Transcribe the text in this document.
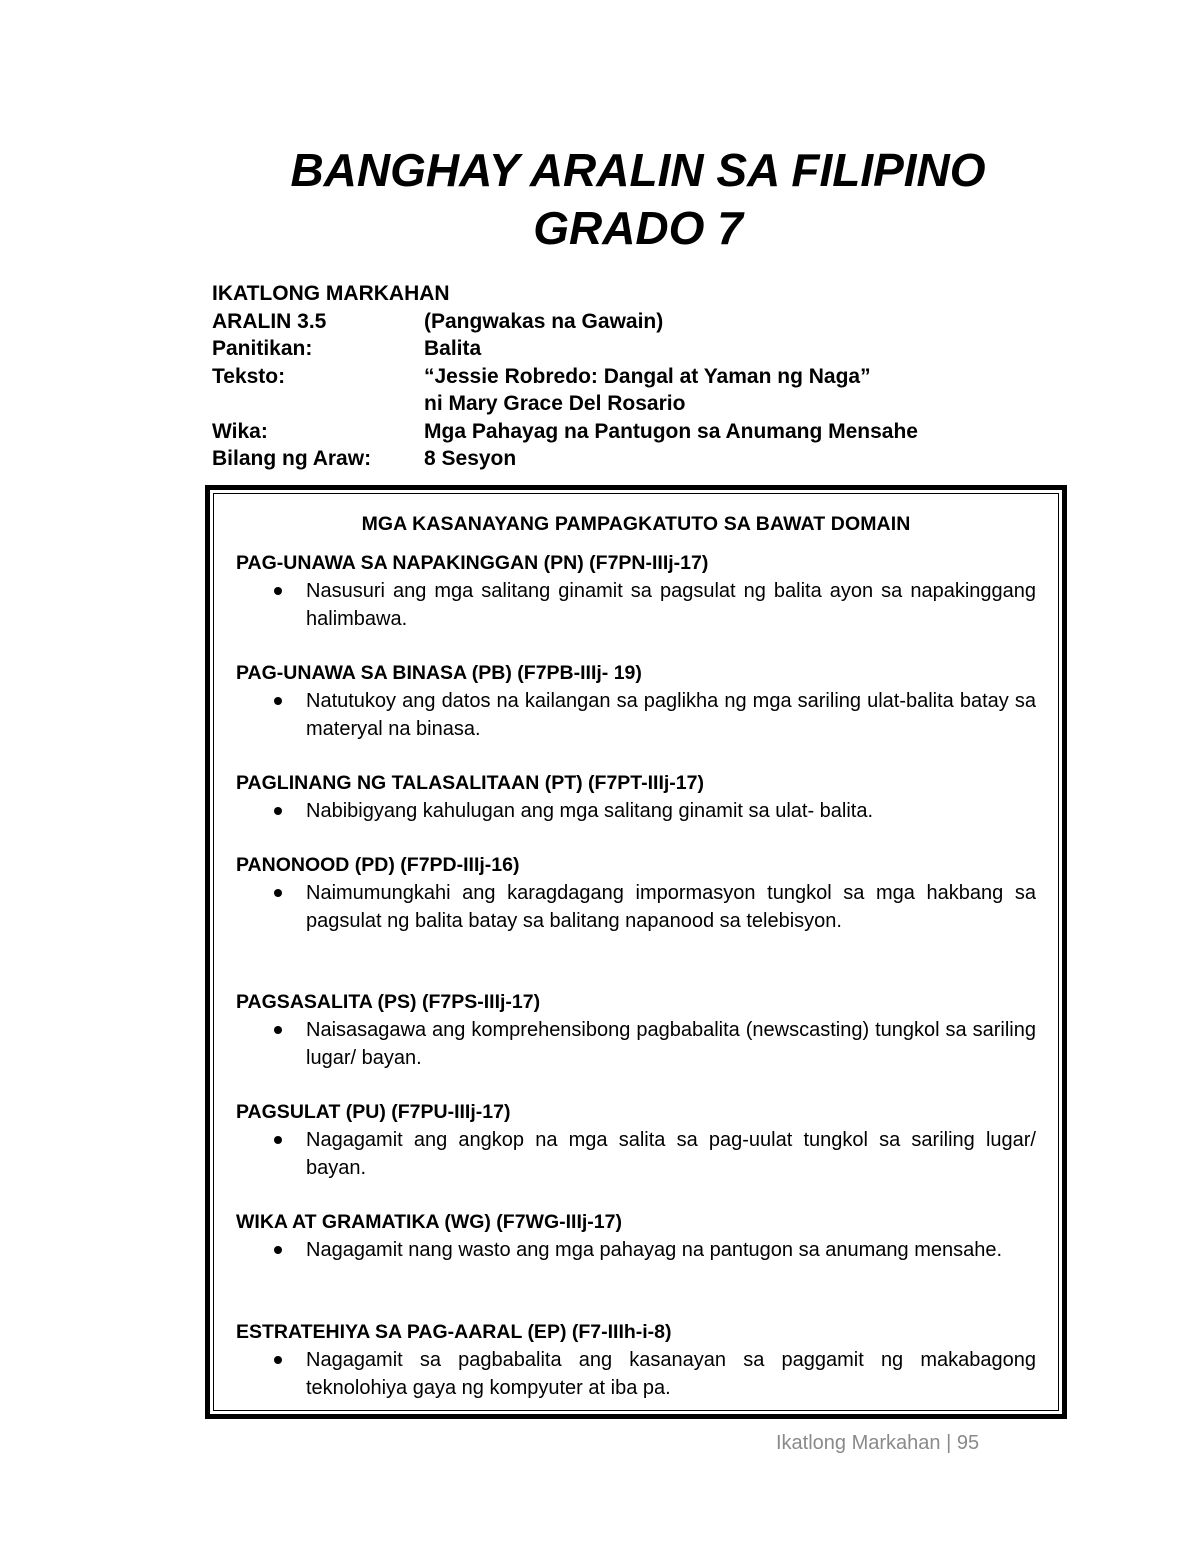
BANGHAY ARALIN SA FILIPINO
GRADO 7
IKATLONG MARKAHAN
ARALIN 3.5	(Pangwakas na Gawain)
Panitikan:	Balita
Teksto:	“Jessie Robredo: Dangal at Yaman ng Naga”
ni Mary Grace Del Rosario
Wika:	Mga Pahayag na Pantugon sa Anumang Mensahe
Bilang ng Araw:	8 Sesyon
MGA KASANAYANG PAMPAGKATUTO SA BAWAT DOMAIN
PAG-UNAWA SA NAPAKINGGAN (PN) (F7PN-IIIj-17)
Nasusuri ang mga salitang ginamit sa pagsulat ng balita ayon sa napakinggang halimbawa.
PAG-UNAWA SA BINASA (PB) (F7PB-IIIj- 19)
Natutukoy ang datos na kailangan sa paglikha ng mga sariling ulat-balita batay sa materyal na binasa.
PAGLINANG NG TALASALITAAN (PT) (F7PT-IIIj-17)
Nabibigyang kahulugan ang mga salitang ginamit sa ulat- balita.
PANONOOD (PD) (F7PD-IIIj-16)
Naimumungkahi ang karagdagang impormasyon tungkol sa mga hakbang sa pagsulat ng balita batay sa balitang napanood sa telebisyon.
PAGSASALITA (PS) (F7PS-IIIj-17)
Naisasagawa ang komprehensibong pagbabalita (newscasting) tungkol sa sariling lugar/ bayan.
PAGSULAT (PU) (F7PU-IIIj-17)
Nagagamit ang angkop na mga salita sa pag-uulat tungkol sa sariling lugar/ bayan.
WIKA AT GRAMATIKA (WG) (F7WG-IIIj-17)
Nagagamit nang wasto ang mga pahayag na pantugon sa anumang mensahe.
ESTRATEHIYA SA PAG-AARAL (EP) (F7-IIIh-i-8)
Nagagamit sa pagbabalita ang kasanayan sa paggamit ng makabagong teknolohiya gaya ng kompyuter at iba pa.
Ikatlong Markahan | 95
